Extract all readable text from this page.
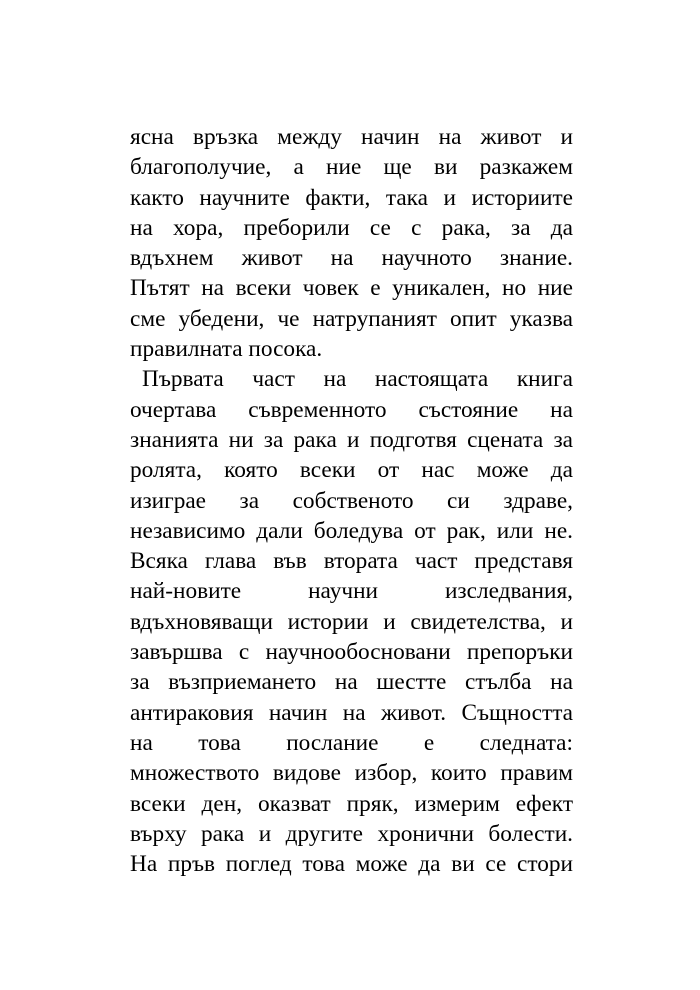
ясна връзка между начин на живот и
благополучие, а ние ще ви разкажем
както научните факти, така и историите
на хора, преборили се с рака, за да
вдъхнем живот на научното знание.
Пътят на всеки човек е уникален, но ние
сме убедени, че натрупаният опит указва
правилната посока.
Първата част на настоящата книга
очертава съвременното състояние на
знанията ни за рака и подготвя сцената за
ролята, която всеки от нас може да
изиграе за собственото си здраве,
независимо дали боледува от рак, или не.
Всяка глава във втората част представя
най-новите научни изследвания,
вдъхновяващи истории и свидетелства, и
завършва с научнообосновани препоръки
за възприемането на шестте стълба на
антираковия начин на живот. Същността
на това послание е следната:
множеството видове избор, които правим
всеки ден, оказват пряк, измерим ефект
върху рака и другите хронични болести.
На пръв поглед това може да ви се стори
